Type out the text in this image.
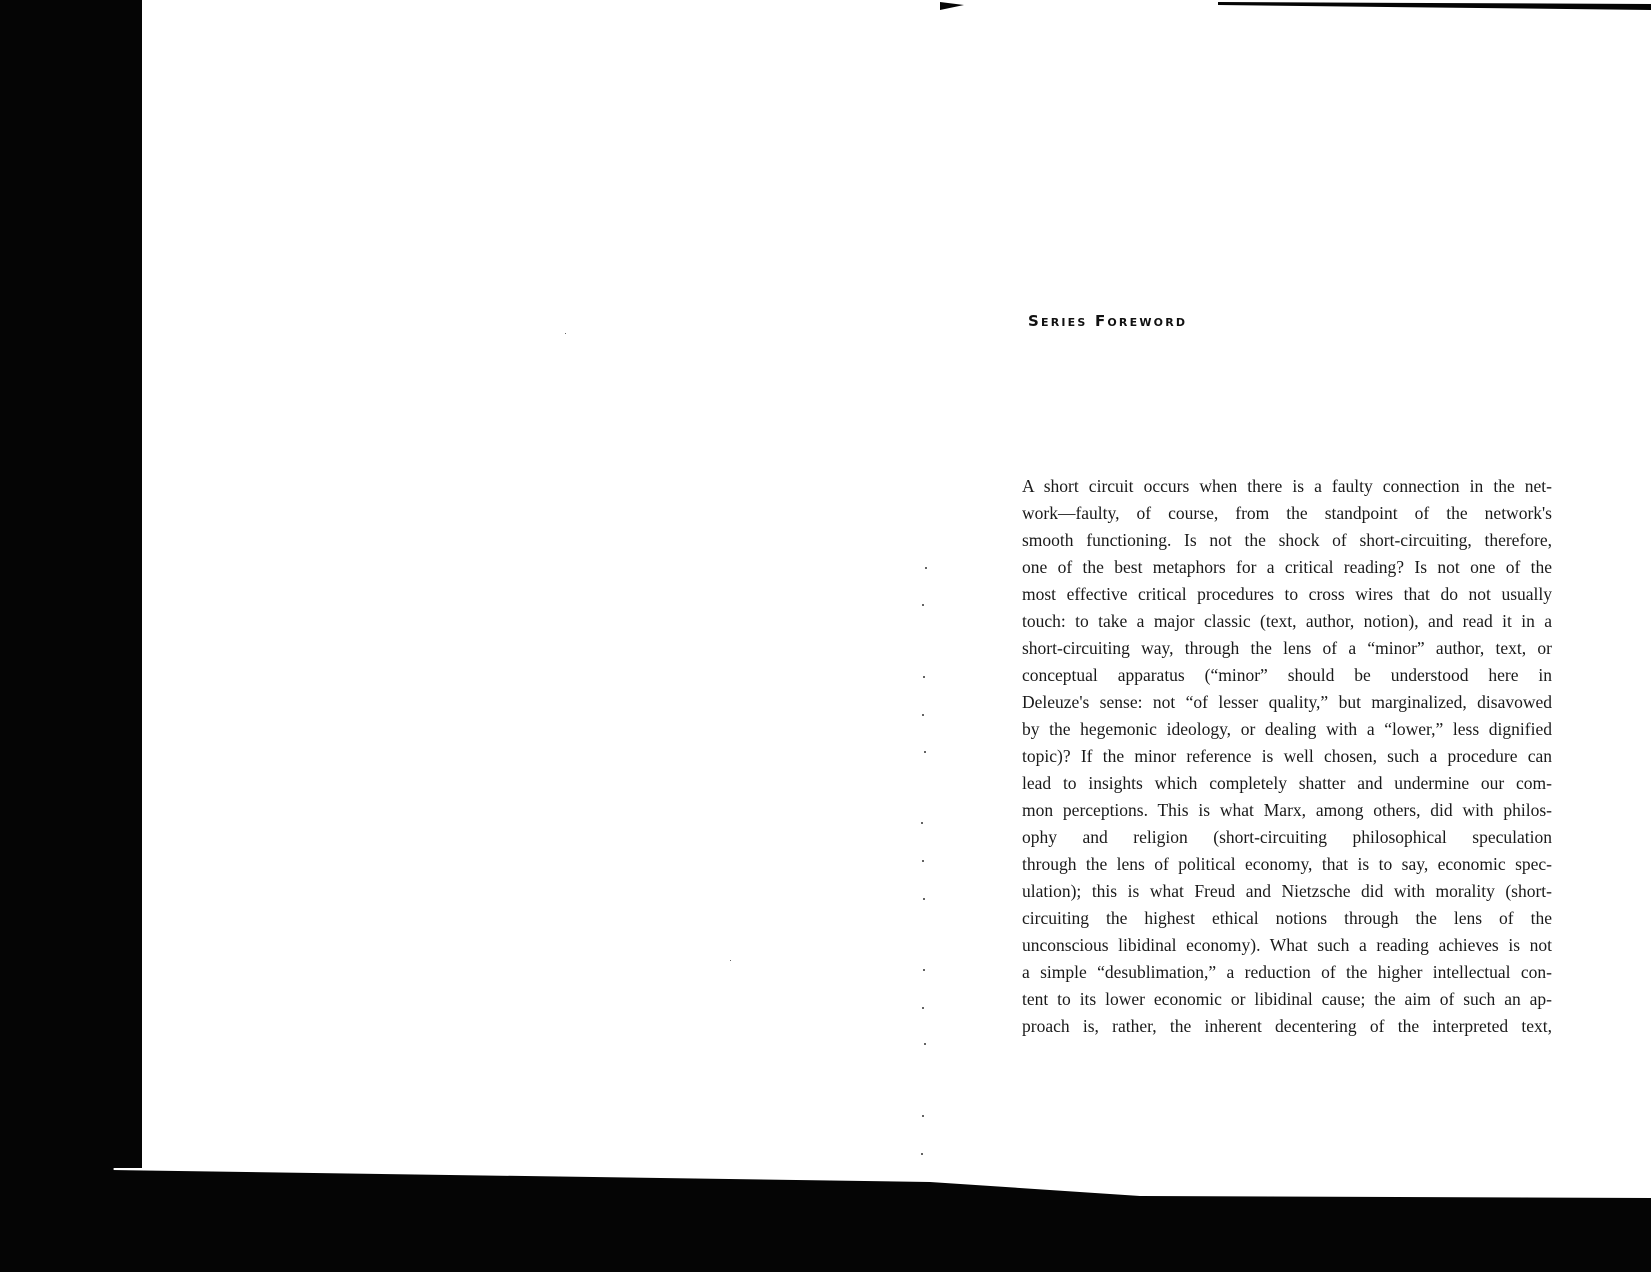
Series Foreword
A short circuit occurs when there is a faulty connection in the net-
work—faulty, of course, from the standpoint of the network's
smooth functioning. Is not the shock of short-circuiting, therefore,
one of the best metaphors for a critical reading? Is not one of the
most effective critical procedures to cross wires that do not usually
touch: to take a major classic (text, author, notion), and read it in a
short-circuiting way, through the lens of a “minor” author, text, or
conceptual apparatus (“minor” should be understood here in
Deleuze's sense: not “of lesser quality,” but marginalized, disavowed
by the hegemonic ideology, or dealing with a “lower,” less dignified
topic)? If the minor reference is well chosen, such a procedure can
lead to insights which completely shatter and undermine our com-
mon perceptions. This is what Marx, among others, did with philos-
ophy and religion (short-circuiting philosophical speculation
through the lens of political economy, that is to say, economic spec-
ulation); this is what Freud and Nietzsche did with morality (short-
circuiting the highest ethical notions through the lens of the
unconscious libidinal economy). What such a reading achieves is not
a simple “desublimation,” a reduction of the higher intellectual con-
tent to its lower economic or libidinal cause; the aim of such an ap-
proach is, rather, the inherent decentering of the interpreted text,
